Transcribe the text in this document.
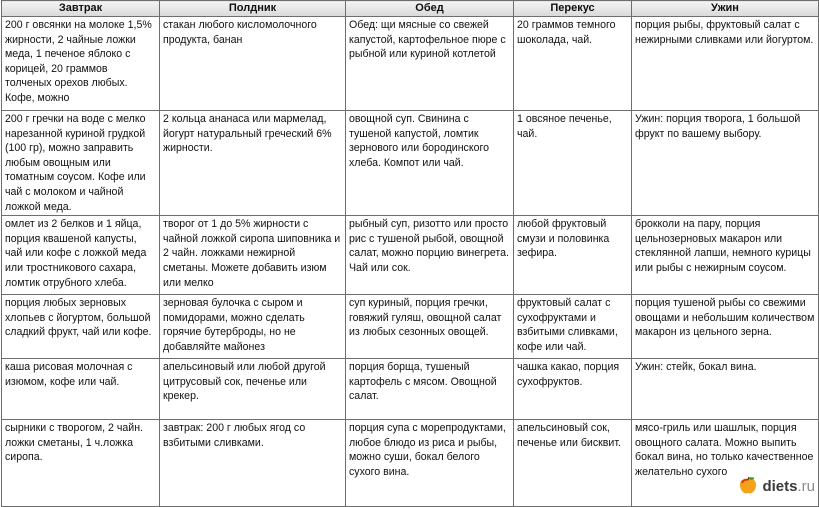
Завтрак	Полдник	Обед	Перекус	Ужин
200 г овсянки на молоке 1,5% жирности, 2 чайные ложки меда, 1 печеное яблоко с корицей, 20 граммов толченых орехов любых. Кофе, можно	стакан любого кисломолочного продукта, банан	Обед: щи мясные со свежей капустой, картофельное пюре с рыбной или куриной котлетой	20 граммов темного шоколада, чай.	порция рыбы, фруктовый салат с нежирными сливками или йогуртом.
200 г гречки на воде с мелко нарезанной куриной грудкой (100 гр), можно заправить любым овощным или томатным соусом. Кофе или чай с молоком и чайной ложкой меда.	2 кольца ананаса или мармелад, йогурт натуральный греческий 6% жирности.	овощной суп. Свинина с тушеной капустой, ломтик зернового или бородинского хлеба. Компот или чай.	1 овсяное печенье, чай.	Ужин: порция творога, 1 большой фрукт по вашему выбору.
омлет из 2 белков и 1 яйца, порция квашеной капусты, чай или кофе с ложкой меда или тростникового сахара, ломтик отрубного хлеба.	творог от 1 до 5% жирности с чайной ложкой сиропа шиповника и 2 чайн. ложками нежирной сметаны. Можете добавить изюм или мелко	рыбный суп, ризотто или просто рис с тушеной рыбой, овощной салат, можно порцию винегрета. Чай или сок.	любой фруктовый смузи и половинка зефира.	брокколи на пару, порция цельнозерновых макарон или стеклянной лапши, немного курицы или рыбы с нежирным соусом.
порция любых зерновых хлопьев с йогуртом, большой сладкий фрукт, чай или кофе.	зерновая булочка с сыром и помидорами, можно сделать горячие бутерброды, но не добавляйте майонез	суп куриный, порция гречки, говяжий гуляш, овощной салат из любых сезонных овощей.	фруктовый салат с сухофруктами и взбитыми сливками, кофе или чай.	порция тушеной рыбы со свежими овощами и небольшим количеством макарон из цельного зерна.
каша рисовая молочная с изюмом, кофе или чай.	апельсиновый или любой другой цитрусовый сок, печенье или крекер.	порция борща, тушеный картофель с мясом. Овощной салат.	чашка какао, порция сухофруктов.	Ужин: стейк, бокал вина.
сырники с творогом, 2 чайн. ложки сметаны, 1 ч.ложка сиропа.	завтрак: 200 г любых ягод со взбитыми сливками.	порция супа с морепродуктами, любое блюдо из риса и рыбы, можно суши, бокал белого сухого вина.	апельсиновый сок, печенье или бисквит.	мясо-гриль или шашлык, порция овощного салата. Можно выпить бокал вина, но только качественное желательно сухого
diets.ru
